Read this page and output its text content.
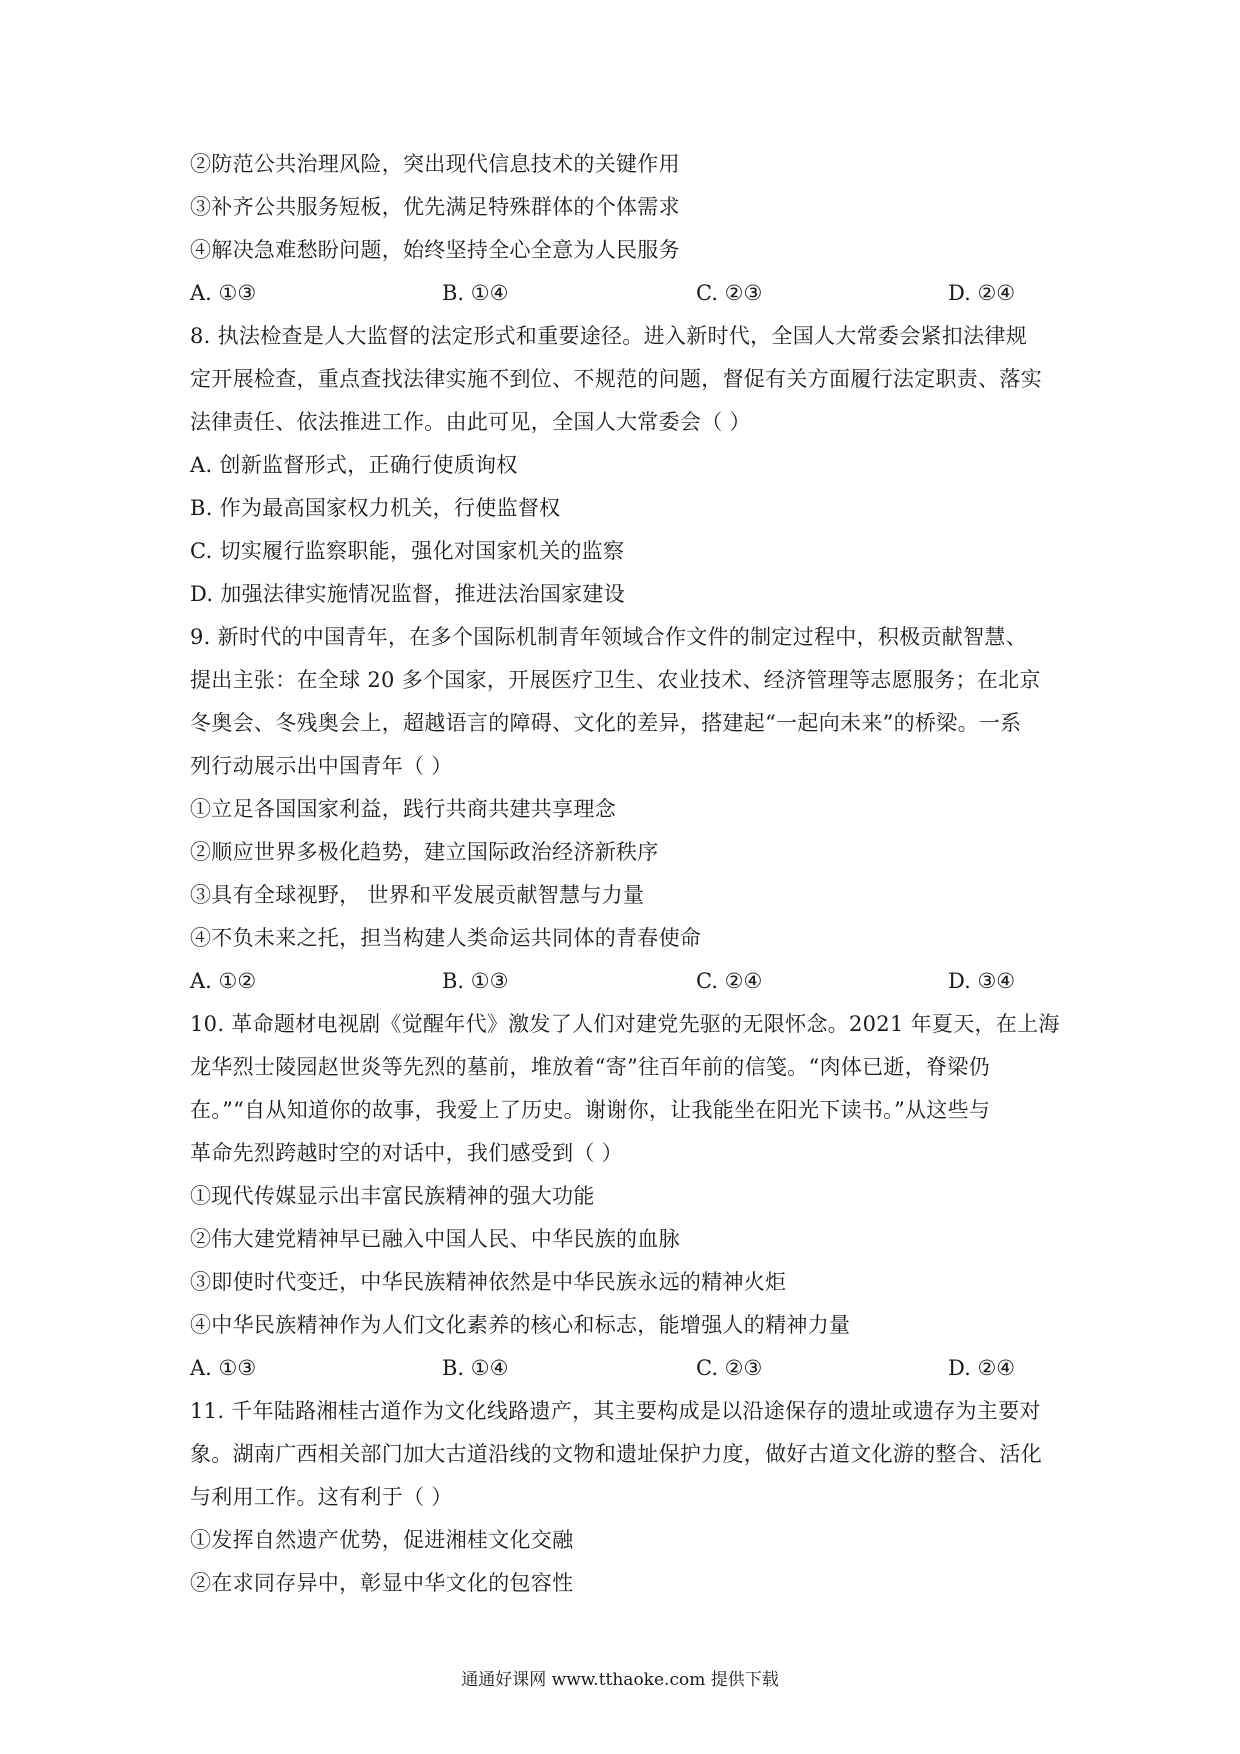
②防范公共治理风险，突出现代信息技术的关键作用
③补齐公共服务短板，优先满足特殊群体的个体需求
④解决急难愁盼问题，始终坚持全心全意为人民服务
A. ①③	B. ①④	C. ②③	D. ②④
8. 执法检查是人大监督的法定形式和重要途径。进入新时代，全国人大常委会紧扣法律规
定开展检查，重点查找法律实施不到位、不规范的问题，督促有关方面履行法定职责、落实
法律责任、依法推进工作。由此可见，全国人大常委会（ ）
A. 创新监督形式，正确行使质询权
B. 作为最高国家权力机关，行使监督权
C. 切实履行监察职能，强化对国家机关的监察
D. 加强法律实施情况监督，推进法治国家建设
9. 新时代的中国青年，在多个国际机制青年领域合作文件的制定过程中，积极贡献智慧、
提出主张：在全球 20 多个国家，开展医疗卫生、农业技术、经济管理等志愿服务；在北京
冬奥会、冬残奥会上，超越语言的障碍、文化的差异，搭建起“一起向未来”的桥梁。一系
列行动展示出中国青年（ ）
①立足各国国家利益，践行共商共建共享理念
②顺应世界多极化趋势，建立国际政治经济新秩序
③具有全球视野， 世界和平发展贡献智慧与力量
④不负未来之托，担当构建人类命运共同体的青春使命
A. ①②	B. ①③	C. ②④	D. ③④
10. 革命题材电视剧《觉醒年代》激发了人们对建党先驱的无限怀念。2021 年夏天，在上海
龙华烈士陵园赵世炎等先烈的墓前，堆放着“寄”往百年前的信笺。“肉体已逝，脊梁仍
在。”“自从知道你的故事，我爱上了历史。谢谢你，让我能坐在阳光下读书。”从这些与
革命先烈跨越时空的对话中，我们感受到（ ）
①现代传媒显示出丰富民族精神的强大功能
②伟大建党精神早已融入中国人民、中华民族的血脉
③即使时代变迁，中华民族精神依然是中华民族永远的精神火炬
④中华民族精神作为人们文化素养的核心和标志，能增强人的精神力量
A. ①③	B. ①④	C. ②③	D. ②④
11. 千年陆路湘桂古道作为文化线路遗产，其主要构成是以沿途保存的遗址或遗存为主要对
象。湖南广西相关部门加大古道沿线的文物和遗址保护力度，做好古道文化游的整合、活化
与利用工作。这有利于（ ）
①发挥自然遗产优势，促进湘桂文化交融
②在求同存异中，彰显中华文化的包容性
通通好课网 www.tthaoke.com 提供下载
